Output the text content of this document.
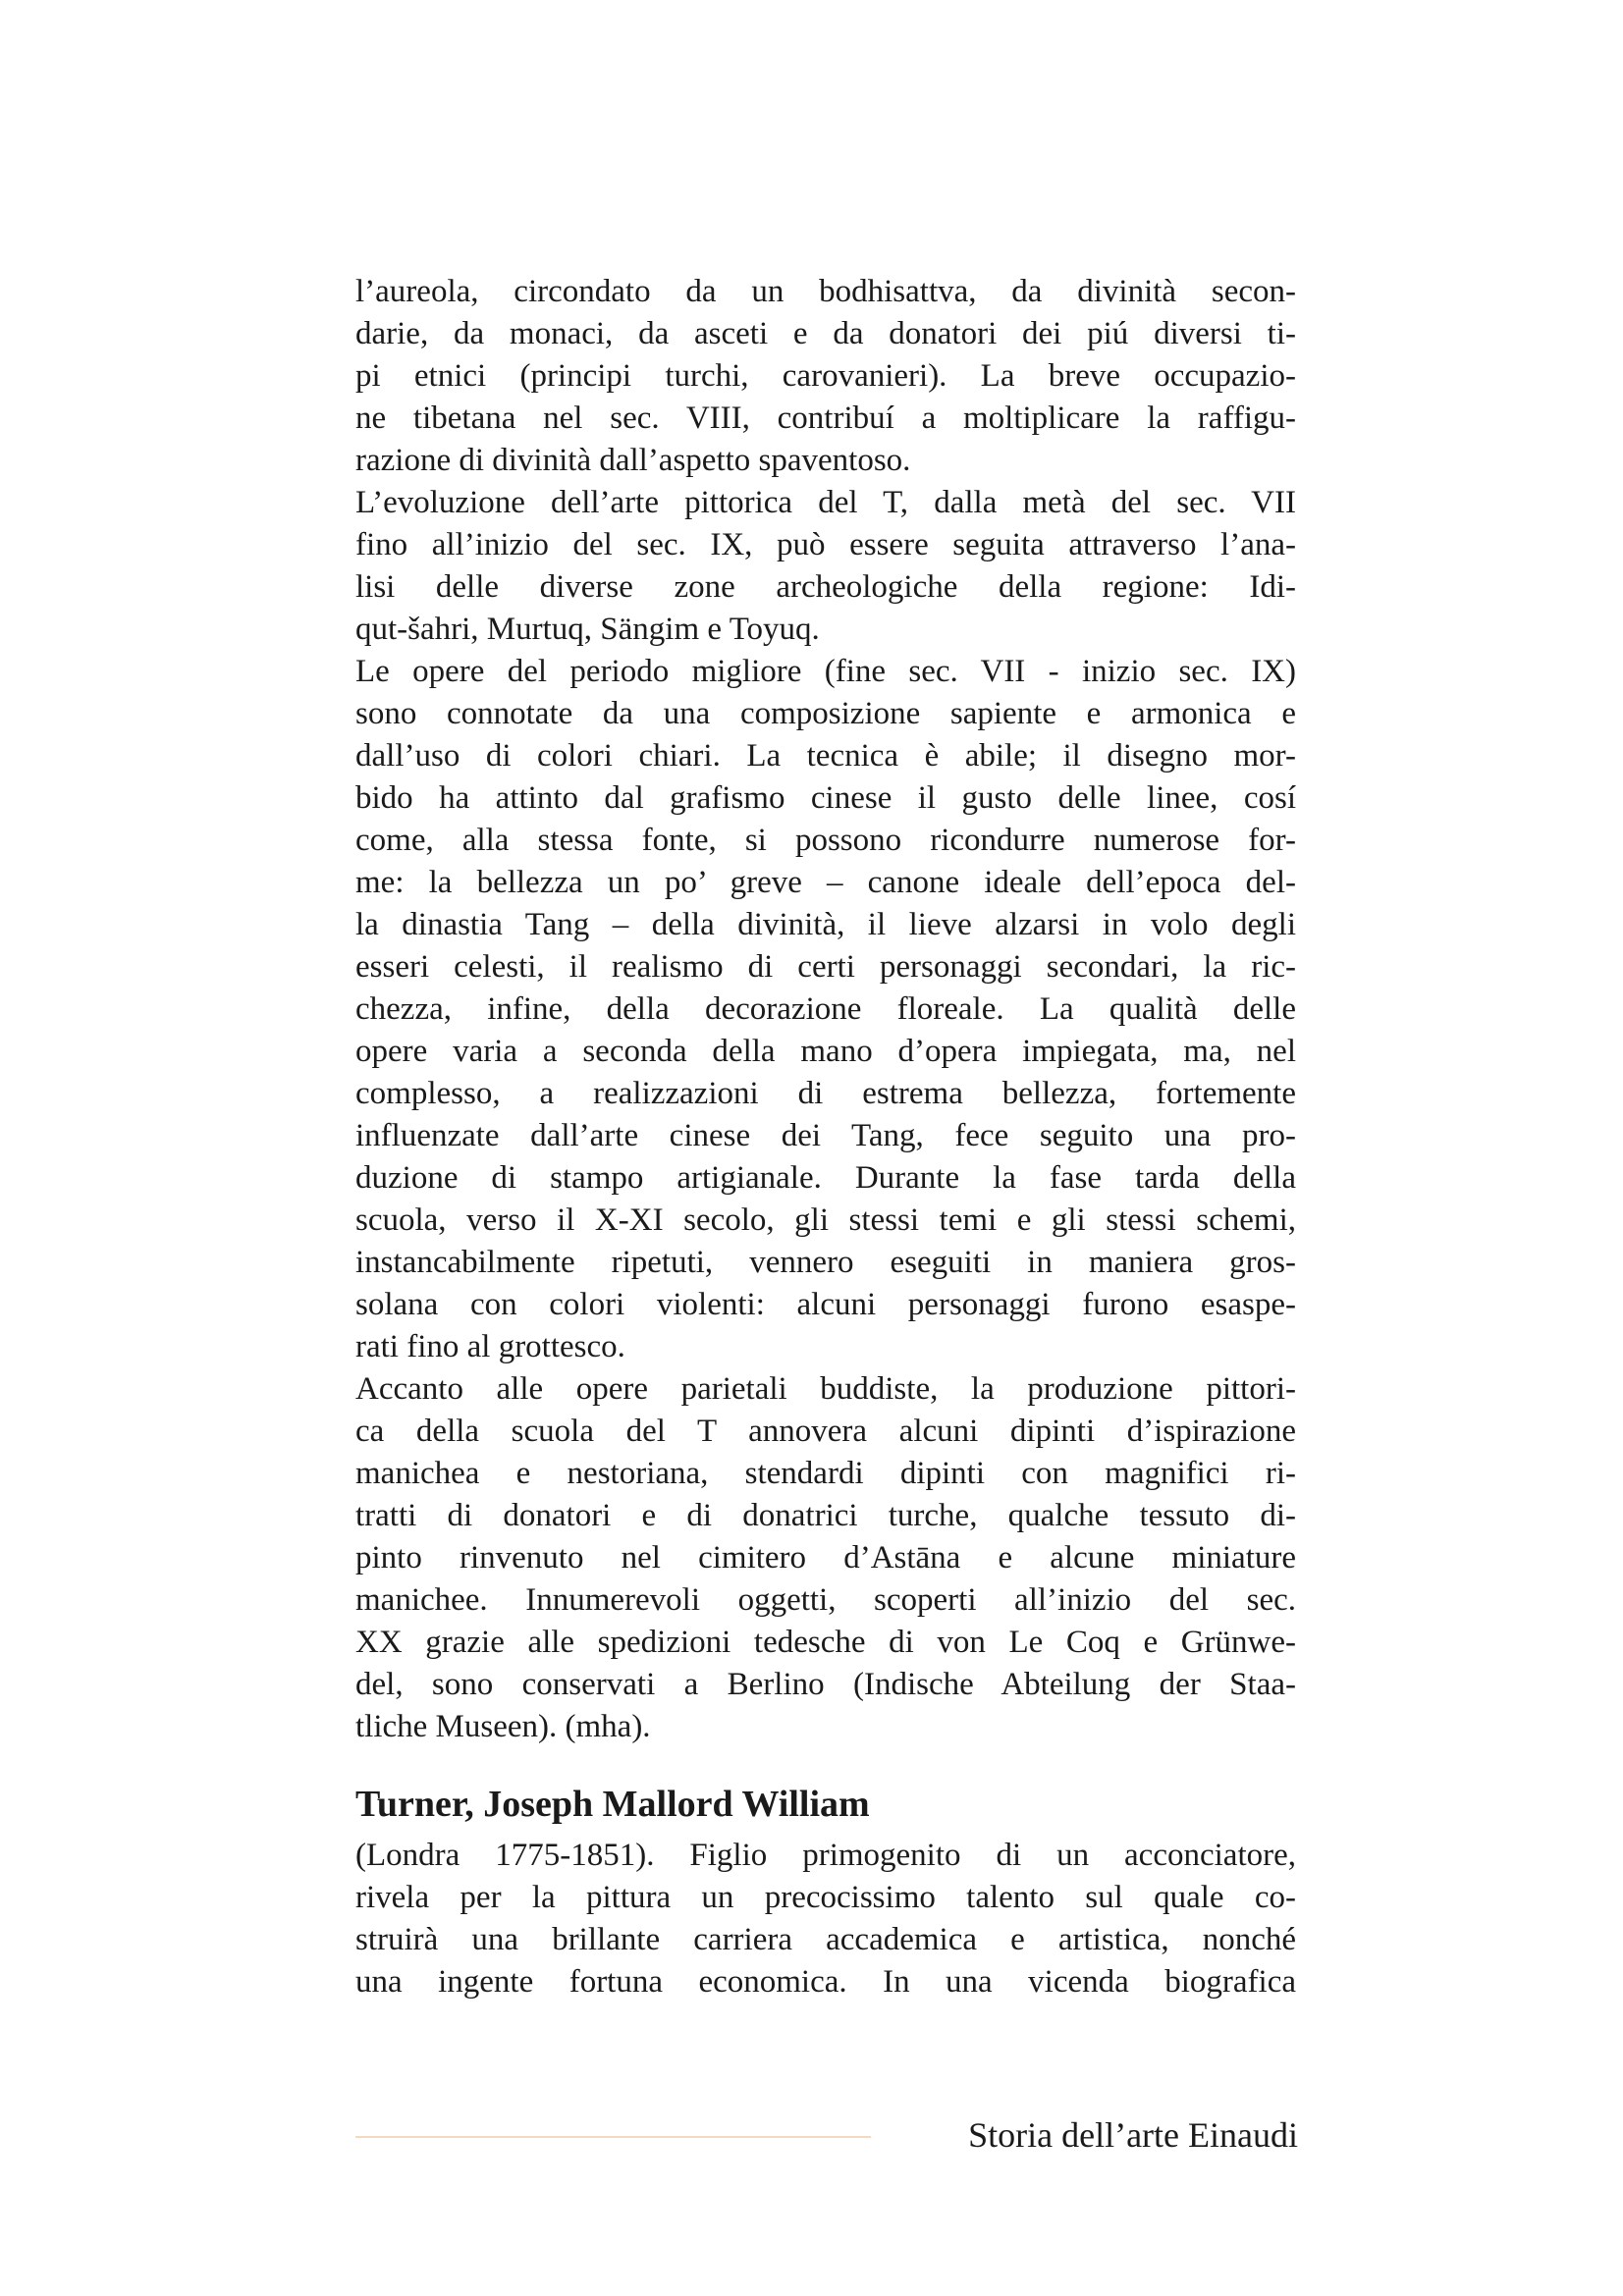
l’aureola, circondato da un bodhisattva, da divinità secon-
darie, da monaci, da asceti e da donatori dei piú diversi ti-
pi etnici (principi turchi, carovanieri). La breve occupazio-
ne tibetana nel sec. VIII, contribuí a moltiplicare la raffigu-
razione di divinità dall’aspetto spaventoso.
L’evoluzione dell’arte pittorica del T, dalla metà del sec. VII
fino all’inizio del sec. IX, può essere seguita attraverso l’ana-
lisi delle diverse zone archeologiche della regione: Idi-
qut-šahri, Murtuq, Sängim e Toyuq.
Le opere del periodo migliore (fine sec. VII - inizio sec. IX)
sono connotate da una composizione sapiente e armonica e
dall’uso di colori chiari. La tecnica è abile; il disegno mor-
bido ha attinto dal grafismo cinese il gusto delle linee, cosí
come, alla stessa fonte, si possono ricondurre numerose for-
me: la bellezza un po’ greve – canone ideale dell’epoca del-
la dinastia Tang – della divinità, il lieve alzarsi in volo degli
esseri celesti, il realismo di certi personaggi secondari, la ric-
chezza, infine, della decorazione floreale. La qualità delle
opere varia a seconda della mano d’opera impiegata, ma, nel
complesso, a realizzazioni di estrema bellezza, fortemente
influenzate dall’arte cinese dei Tang, fece seguito una pro-
duzione di stampo artigianale. Durante la fase tarda della
scuola, verso il X-XI secolo, gli stessi temi e gli stessi schemi,
instancabilmente ripetuti, vennero eseguiti in maniera gros-
solana con colori violenti: alcuni personaggi furono esaspe-
rati fino al grottesco.
Accanto alle opere parietali buddiste, la produzione pittori-
ca della scuola del T annovera alcuni dipinti d’ispirazione
manichea e nestoriana, stendardi dipinti con magnifici ri-
tratti di donatori e di donatrici turche, qualche tessuto di-
pinto rinvenuto nel cimitero d’Astāna e alcune miniature
manichee. Innumerevoli oggetti, scoperti all’inizio del sec.
XX grazie alle spedizioni tedesche di von Le Coq e Grünwe-
del, sono conservati a Berlino (Indische Abteilung der Staa-
tliche Museen). (mha).
Turner, Joseph Mallord William
(Londra 1775-1851). Figlio primogenito di un acconciatore,
rivela per la pittura un precocissimo talento sul quale co-
struirà una brillante carriera accademica e artistica, nonché
una ingente fortuna economica. In una vicenda biografica
Storia dell’arte Einaudi
